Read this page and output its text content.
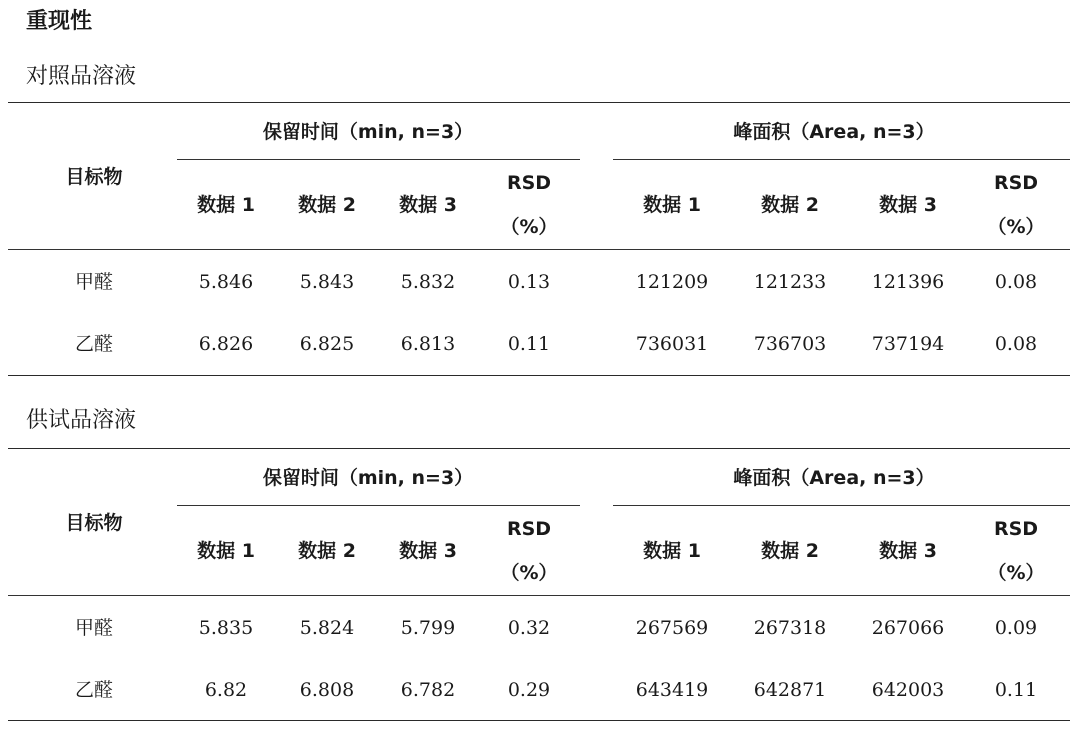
重现性
对照品溶液
保留时间（min, n=3）	峰面积（Area, n=3）
目标物
数据 1 数据 2 数据 3
RSD
（%）
数据 1	数据 2	数据 3
RSD
（%）
甲醛	5.846 5.843 5.832	0.13	121209 121233 121396	0.08
乙醛	6.826 6.825 6.813	0.11	736031 736703 737194	0.08
供试品溶液
保留时间（min, n=3）	峰面积（Area, n=3）
目标物
数据 1 数据 2 数据 3
RSD
（%）
数据 1	数据 2	数据 3
RSD
（%）
甲醛	5.835 5.824 5.799	0.32	267569 267318 267066	0.09
乙醛	6.82	6.808 6.782	0.29	643419 642871 642003	0.11
